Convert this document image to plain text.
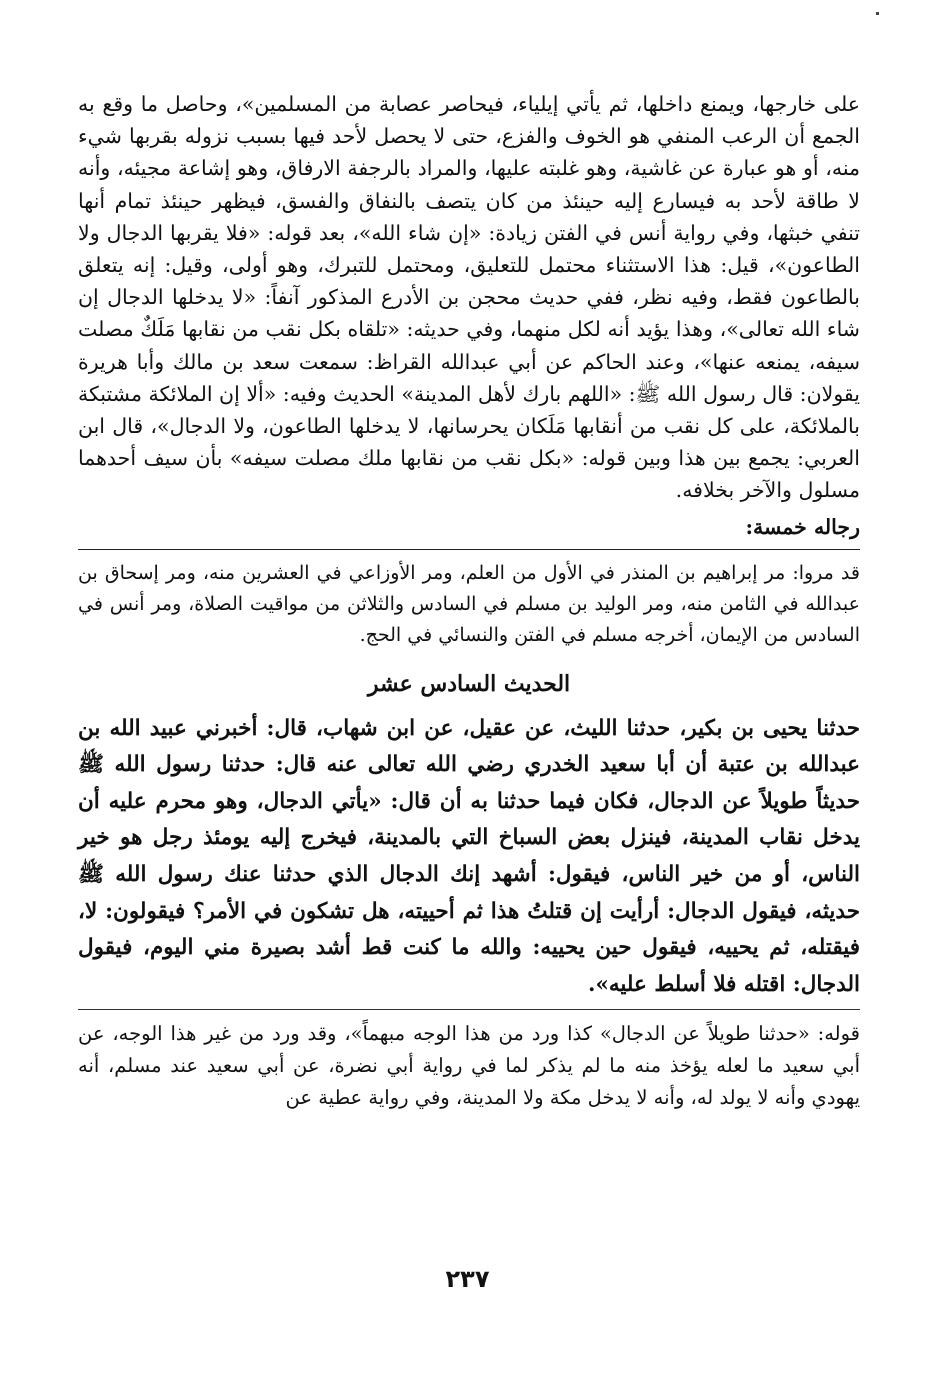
على خارجها، ويمنع داخلها، ثم يأتي إيلياء، فيحاصر عصابة من المسلمين»، وحاصل ما وقع به الجمع أن الرعب المنفي هو الخوف والفزع، حتى لا يحصل لأحد فيها بسبب نزوله بقربها شيء منه، أو هو عبارة عن غاشية، وهو غلبته عليها، والمراد بالرجفة الارفاق، وهو إشاعة مجيئه، وأنه لا طاقة لأحد به فيسارع إليه حينئذ من كان يتصف بالنفاق والفسق، فيظهر حينئذ تمام أنها تنفي خبثها، وفي رواية أنس في الفتن زيادة: «إن شاء الله»، بعد قوله: «فلا يقربها الدجال ولا الطاعون»، قيل: هذا الاستثناء محتمل للتعليق، ومحتمل للتبرك، وهو أولى، وقيل: إنه يتعلق بالطاعون فقط، وفيه نظر، ففي حديث محجن بن الأدرع المذكور آنفاً: «لا يدخلها الدجال إن شاء الله تعالى»، وهذا يؤيد أنه لكل منهما، وفي حديثه: «تلقاه بكل نقب من نقابها مَلَكٌ مصلت سيفه، يمنعه عنها»، وعند الحاكم عن أبي عبدالله القراظ: سمعت سعد بن مالك وأبا هريرة يقولان: قال رسول الله ﷺ: «اللهم بارك لأهل المدينة» الحديث وفيه: «ألا إن الملائكة مشتبكة بالملائكة، على كل نقب من أنقابها مَلَكان يحرسانها، لا يدخلها الطاعون، ولا الدجال»، قال ابن العربي: يجمع بين هذا وبين قوله: «بكل نقب من نقابها ملك مصلت سيفه» بأن سيف أحدهما مسلول والآخر بخلافه.

رجاله خمسة:

قد مروا: مر إبراهيم بن المنذر في الأول من العلم، ومر الأوزاعي في العشرين منه، ومر إسحاق بن عبدالله في الثامن منه، ومر الوليد بن مسلم في السادس والثلاثن من مواقيت الصلاة، ومر أنس في السادس من الإيمان، أخرجه مسلم في الفتن والنسائي في الحج.

الحديث السادس عشر

حدثنا يحيى بن بكير، حدثنا الليث، عن عقيل، عن ابن شهاب، قال: أخبرني عبيد الله بن عبدالله بن عتبة أن أبا سعيد الخدري رضي الله تعالى عنه قال: حدثنا رسول الله ﷺ حديثاً طويلاً عن الدجال، فكان فيما حدثنا به أن قال: «يأتي الدجال، وهو محرم عليه أن يدخل نقاب المدينة، فينزل بعض السباخ التي بالمدينة، فيخرج إليه يومئذ رجل هو خير الناس، أو من خير الناس، فيقول: أشهد إنك الدجال الذي حدثنا عنك رسول الله ﷺ حديثه، فيقول الدجال: أرأيت إن قتلتُ هذا ثم أحييته، هل تشكون في الأمر؟ فيقولون: لا، فيقتله، ثم يحييه، فيقول حين يحييه: والله ما كنت قط أشد بصيرة مني اليوم، فيقول الدجال: اقتله فلا أسلط عليه».

قوله: «حدثنا طويلاً عن الدجال» كذا ورد من هذا الوجه مبهماً»، وقد ورد من غير هذا الوجه، عن أبي سعيد ما لعله يؤخذ منه ما لم يذكر لما في رواية أبي نضرة، عن أبي سعيد عند مسلم، أنه يهودي وأنه لا يولد له، وأنه لا يدخل مكة ولا المدينة، وفي رواية عطية عن

٢٣٧
